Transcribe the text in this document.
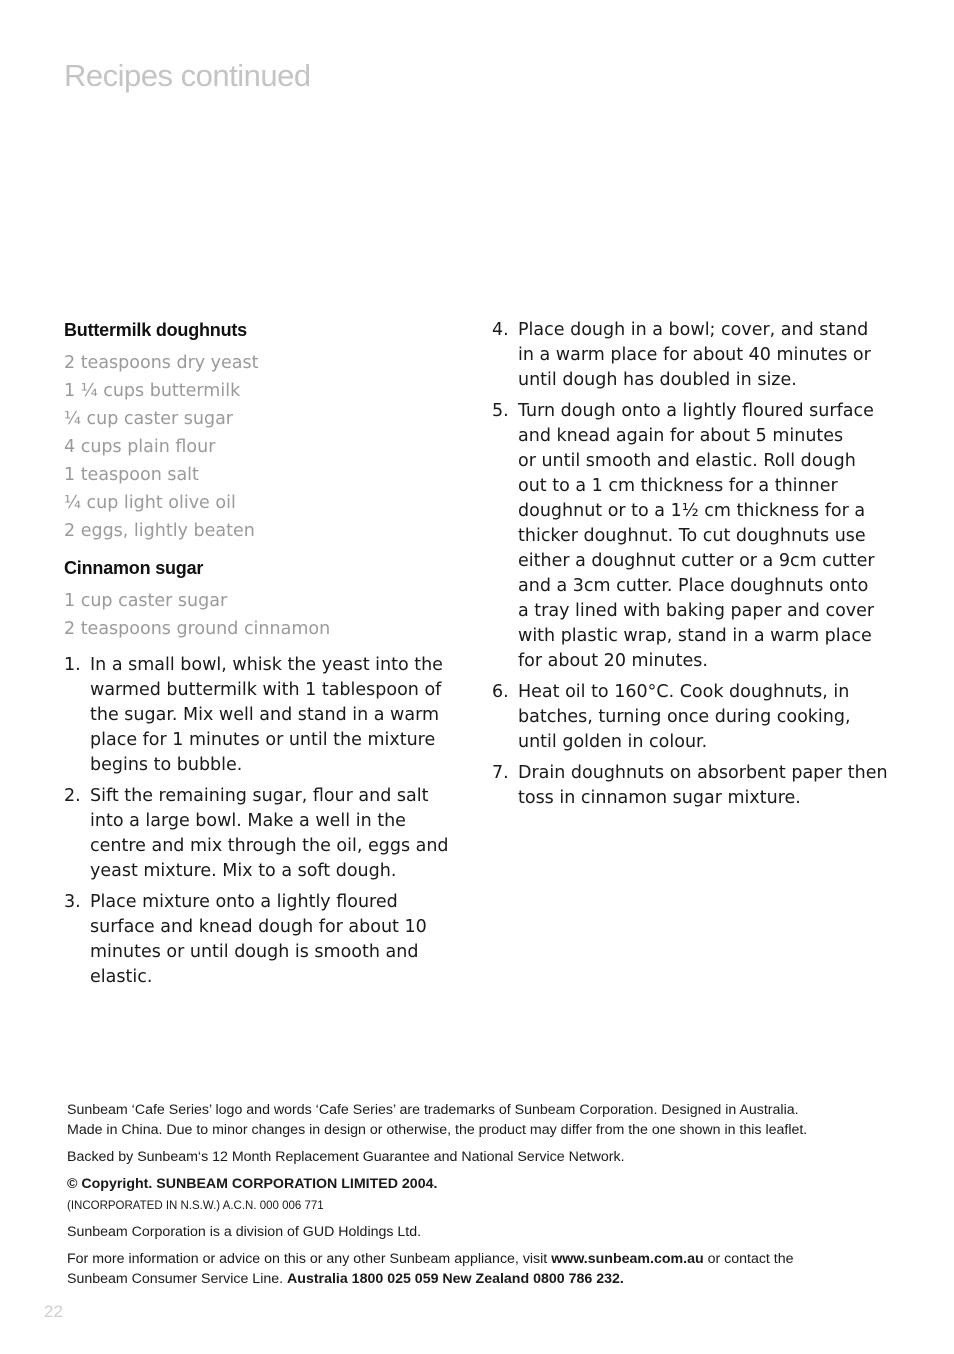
Recipes continued
Buttermilk doughnuts
2 teaspoons dry yeast
1 ¼ cups buttermilk
¼ cup caster sugar
4 cups plain flour
1 teaspoon salt
¼ cup light olive oil
2 eggs, lightly beaten
Cinnamon sugar
1 cup caster sugar
2 teaspoons ground cinnamon
1. In a small bowl, whisk the yeast into the
warmed buttermilk with 1 tablespoon of
the sugar. Mix well and stand in a warm
place for 1 minutes or until the mixture
begins to bubble.
2. Sift the remaining sugar, flour and salt
into a large bowl. Make a well in the
centre and mix through the oil, eggs and
yeast mixture. Mix to a soft dough.
3. Place mixture onto a lightly floured
surface and knead dough for about 10
minutes or until dough is smooth and
elastic.
4. Place dough in a bowl; cover, and stand
in a warm place for about 40 minutes or
until dough has doubled in size.
5. Turn dough onto a lightly floured surface
and knead again for about 5 minutes
or until smooth and elastic. Roll dough
out to a 1 cm thickness for a thinner
doughnut or to a 1½ cm thickness for a
thicker doughnut. To cut doughnuts use
either a doughnut cutter or a 9cm cutter
and a 3cm cutter. Place doughnuts onto
a tray lined with baking paper and cover
with plastic wrap, stand in a warm place
for about 20 minutes.
6. Heat oil to 160°C. Cook doughnuts, in
batches, turning once during cooking,
until golden in colour.
7. Drain doughnuts on absorbent paper then
toss in cinnamon sugar mixture.

Sunbeam ‘Cafe Series’ logo and words ‘Cafe Series’ are trademarks of Sunbeam Corporation. Designed in Australia.
Made in China. Due to minor changes in design or otherwise, the product may differ from the one shown in this leaflet.

Backed by Sunbeam‘s 12 Month Replacement Guarantee and National Service Network.

© Copyright. SUNBEAM CORPORATION LIMITED 2004.

(INCORPORATED IN N.S.W.) A.C.N. 000 006 771

Sunbeam Corporation is a division of GUD Holdings Ltd.

For more information or advice on this or any other Sunbeam appliance, visit www.sunbeam.com.au or contact the
Sunbeam Consumer Service Line. Australia 1800 025 059 New Zealand 0800 786 232.

22
